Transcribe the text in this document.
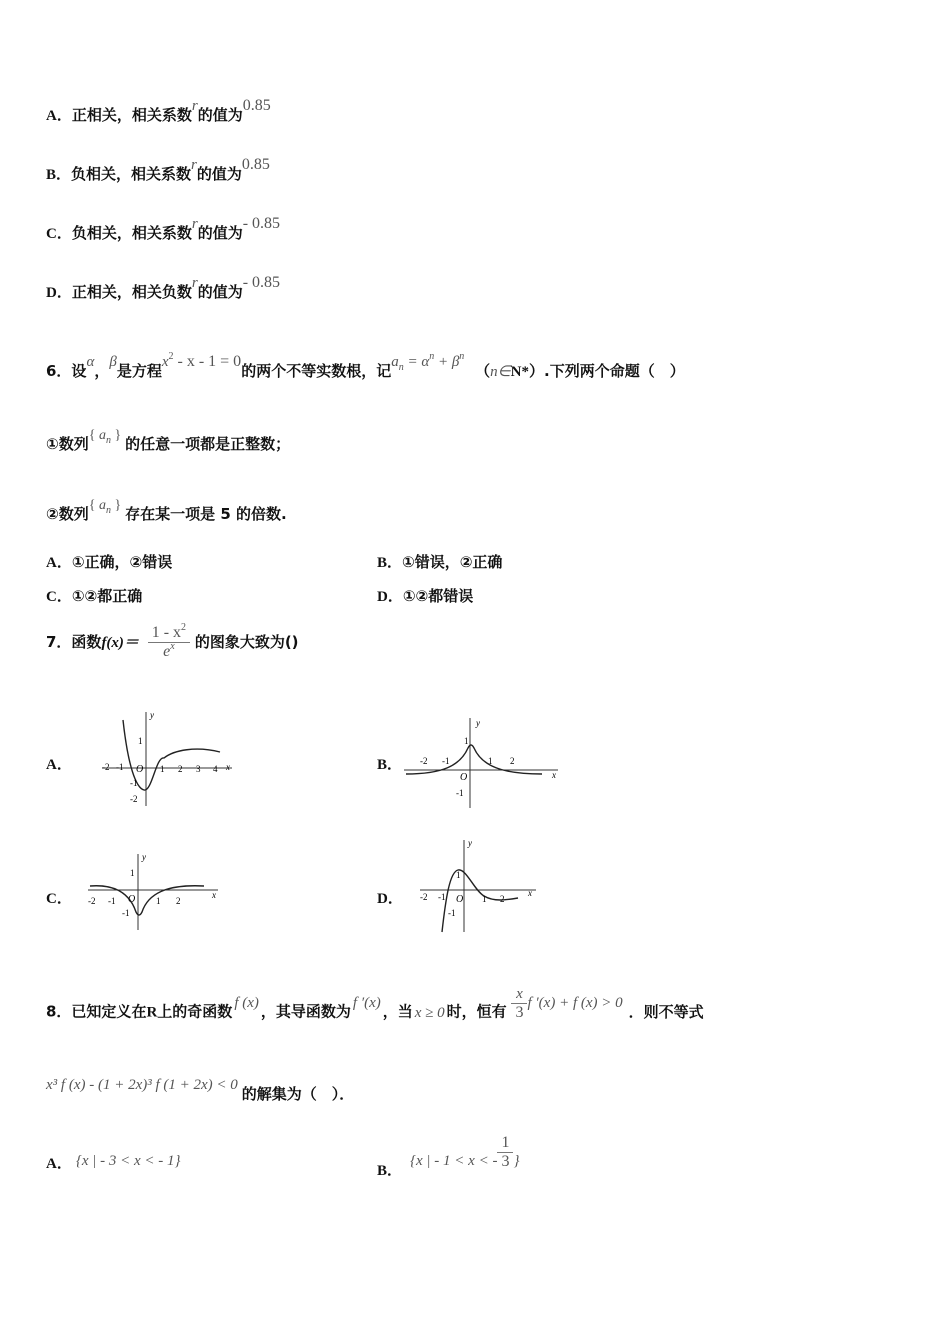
A．正相关，相关系数r的值为0.85
B．负相关，相关系数r的值为0.85
C．负相关，相关系数r的值为- 0.85
D．正相关，相关负数r的值为- 0.85
6．设α，β是方程$x^2 - x - 1 = 0$的两个不等实数根，记$a_n = \alpha^n + \beta^n$ （n∈N*）.下列两个命题（　）
①数列{ $a_n$ } 的任意一项都是正整数；
②数列{ $a_n$ } 存在某一项是 5 的倍数.
A．①正确，②错误	B．①错误，②正确
C．①②都正确	D．①②都错误
7．函数$f(x)= \frac{1 - x^2}{e^x}$ 的图象大致为()
A．	B．
C．	D．
y
x
-2 -1 O 1 2 3 4
1
-1
-2
y
x
-2 -1
O
1 2
1
-1
y
x
-2 -1 O 1 2
1
-1
y
x
-2 -1 O 1 2
1
-1
8．已知定义在R上的奇函数 f (x) ，其导函数为 f ′(x) ，当 x ≥ 0 时，恒有 $\frac{x}{3}$ f ′(x) + f (x) > 0 ．则不等式
x³ f (x) - (1 + 2x)³ f (1 + 2x) < 0 的解集为（　）．
A． {x | - 3 < x < - 1}
B．{x | - 1 < x < - $\frac{1}{3}$ }
